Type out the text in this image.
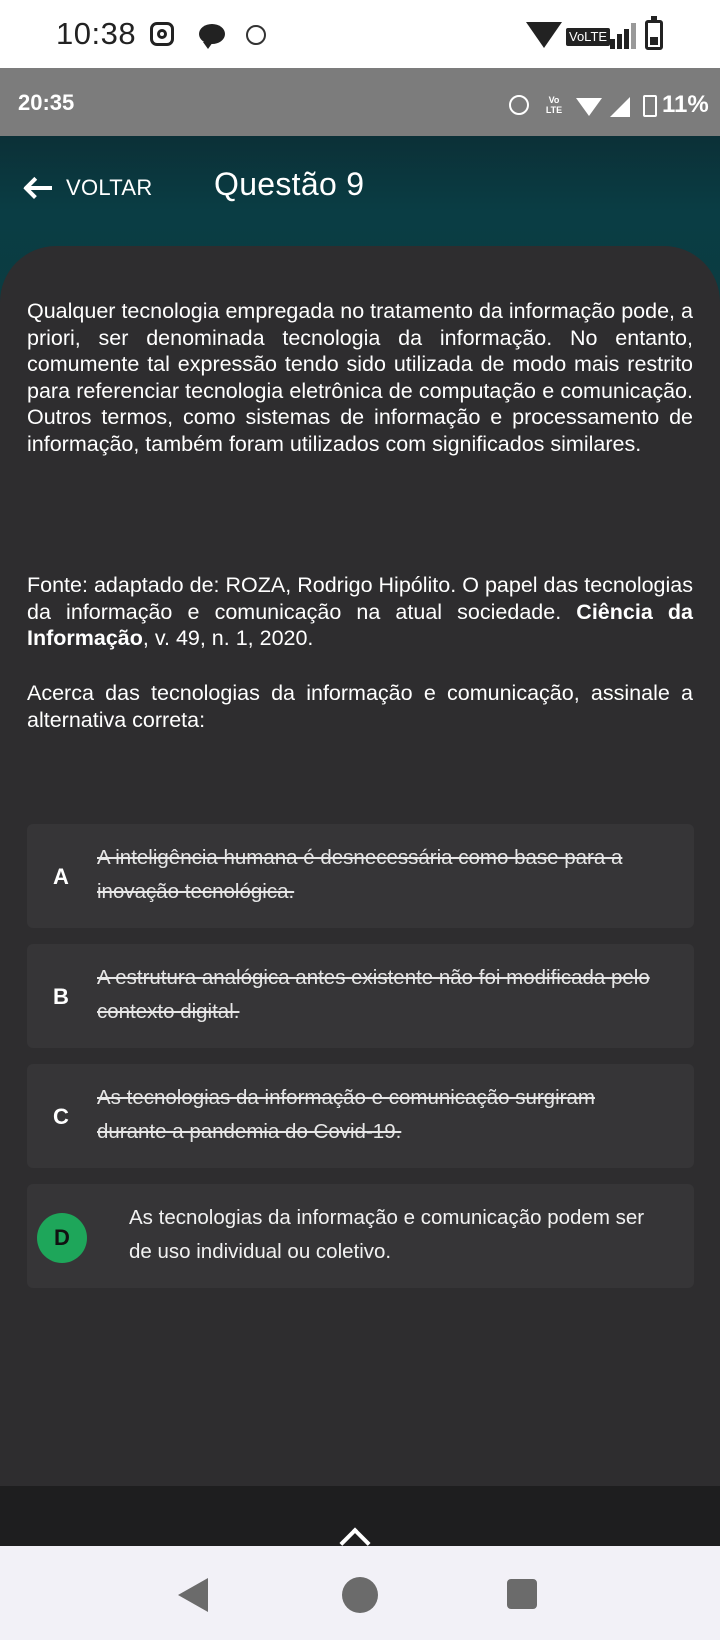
10:38	VoLTE
20:35	Vo LTE	11%
VOLTAR Questão 9
Qualquer tecnologia empregada no tratamento da informação pode, a priori, ser denominada tecnologia da informação. No entanto, comumente tal expressão tendo sido utilizada de modo mais restrito para referenciar tecnologia eletrônica de computação e comunicação. Outros termos, como sistemas de informação e processamento de informação, também foram utilizados com significados similares.
Fonte: adaptado de: ROZA, Rodrigo Hipólito. O papel das tecnologias da informação e comunicação na atual sociedade. Ciência da Informação, v. 49, n. 1, 2020.
Acerca das tecnologias da informação e comunicação, assinale a alternativa correta:
A
A inteligência humana é desnecessária como base para a inovação tecnológica.
B
A estrutura analógica antes existente não foi modificada pelo contexto digital.
C
As tecnologias da informação e comunicação surgiram durante a pandemia do Covid-19.
D
As tecnologias da informação e comunicação podem ser de uso individual ou coletivo.
